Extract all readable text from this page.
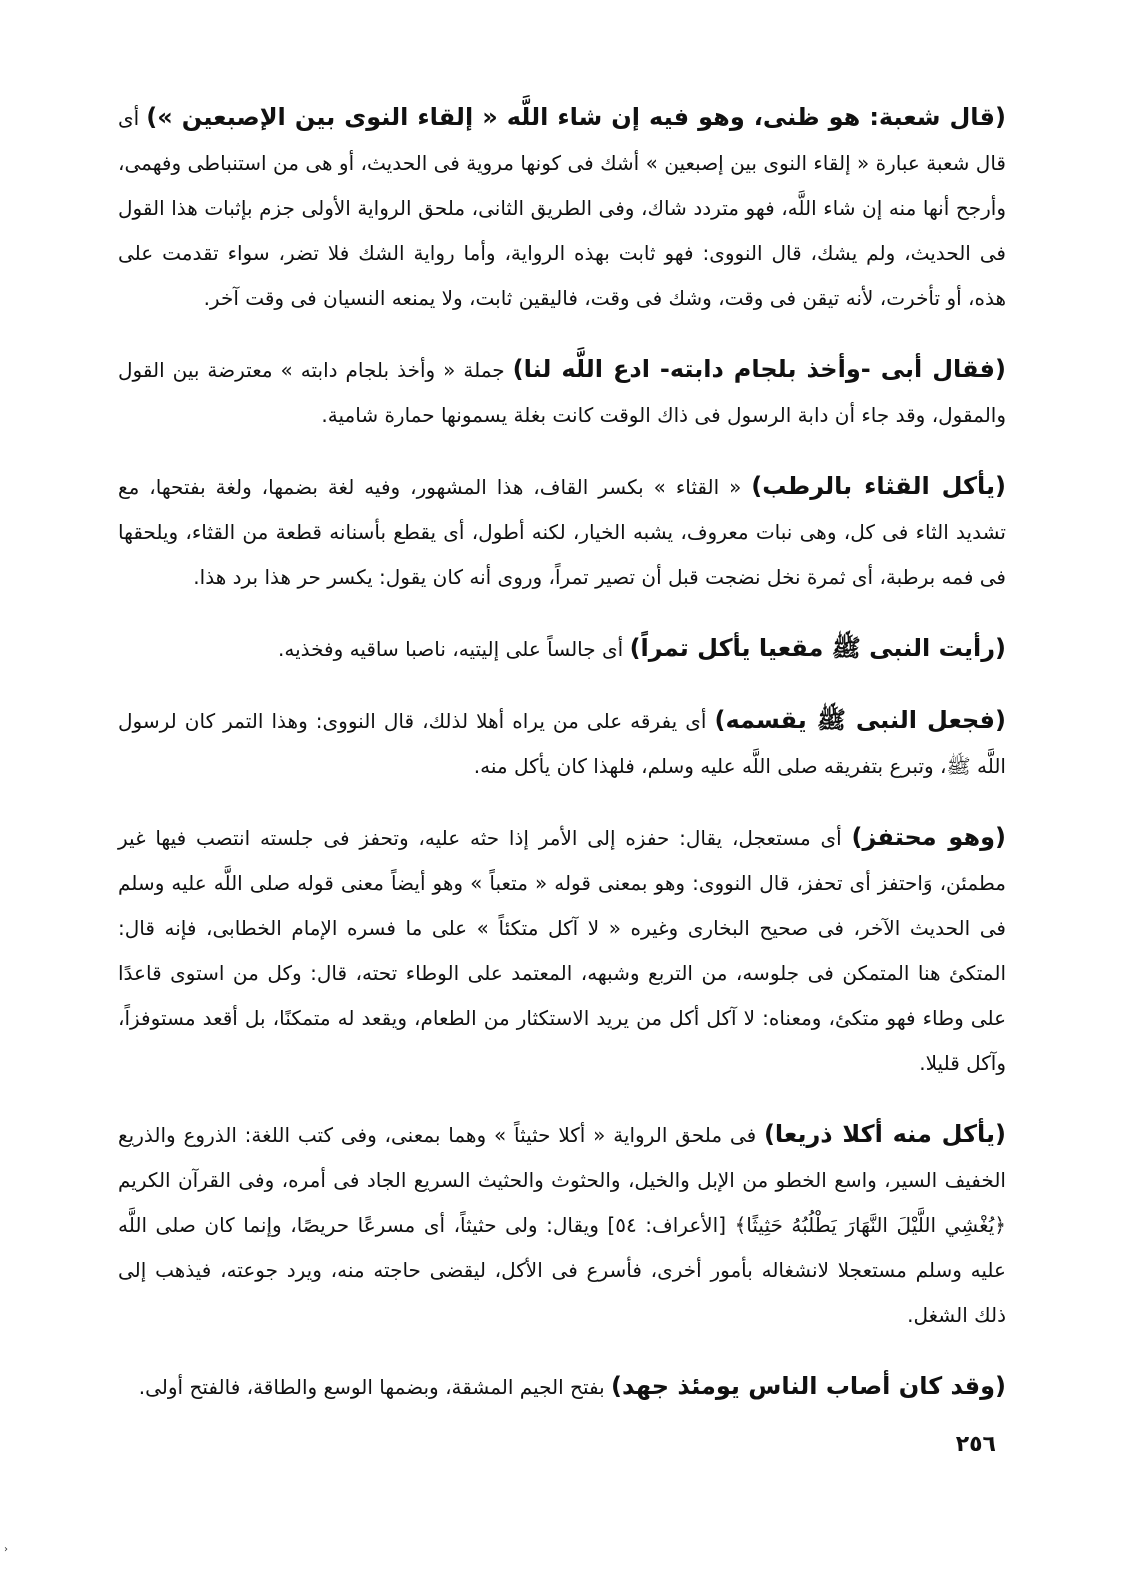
(قال شعبة: هو ظنى، وهو فيه إن شاء اللَّه « إلقاء النوى بين الإصبعين ») أى قال شعبة عبارة « إلقاء النوى بين إصبعين » أشك فى كونها مروية فى الحديث، أو هى من استنباطى وفهمى، وأرجح أنها منه إن شاء اللَّه، فهو متردد شاك، وفى الطريق الثانى، ملحق الرواية الأولى جزم بإثبات هذا القول فى الحديث، ولم يشك، قال النووى: فهو ثابت بهذه الرواية، وأما رواية الشك فلا تضر، سواء تقدمت على هذه، أو تأخرت، لأنه تيقن فى وقت، وشك فى وقت، فاليقين ثابت، ولا يمنعه النسيان فى وقت آخر.

(فقال أبى -وأخذ بلجام دابته- ادع اللَّه لنا) جملة « وأخذ بلجام دابته » معترضة بين القول والمقول، وقد جاء أن دابة الرسول فى ذاك الوقت كانت بغلة يسمونها حمارة شامية.

(يأكل القثاء بالرطب) « القثاء » بكسر القاف، هذا المشهور، وفيه لغة بضمها، ولغة بفتحها، مع تشديد الثاء فى كل، وهى نبات معروف، يشبه الخيار، لكنه أطول، أى يقطع بأسنانه قطعة من القثاء، ويلحقها فى فمه برطبة، أى ثمرة نخل نضجت قبل أن تصير تمراً، وروى أنه كان يقول: يكسر حر هذا برد هذا.

(رأيت النبى ﷺ مقعيا يأكل تمراً) أى جالساً على إليتيه، ناصبا ساقيه وفخذيه.

(فجعل النبى ﷺ يقسمه) أى يفرقه على من يراه أهلا لذلك، قال النووى: وهذا التمر كان لرسول اللَّه ﷺ، وتبرع بتفريقه صلى اللَّه عليه وسلم، فلهذا كان يأكل منه.

(وهو محتفز) أى مستعجل، يقال: حفزه إلى الأمر إذا حثه عليه، وتحفز فى جلسته انتصب فيها غير مطمئن، وَاحتفز أى تحفز، قال النووى: وهو بمعنى قوله « متعباً » وهو أيضاً معنى قوله صلى اللَّه عليه وسلم فى الحديث الآخر، فى صحيح البخارى وغيره « لا آكل متكئاً » على ما فسره الإمام الخطابى، فإنه قال: المتكئ هنا المتمكن فى جلوسه، من التربع وشبهه، المعتمد على الوطاء تحته، قال: وكل من استوى قاعدًا على وطاء فهو متكئ، ومعناه: لا آكل أكل من يريد الاستكثار من الطعام، ويقعد له متمكنًا، بل أقعد مستوفزاً، وآكل قليلا.

(يأكل منه أكلا ذريعا) فى ملحق الرواية « أكلا حثيثاً » وهما بمعنى، وفى كتب اللغة: الذروع والذريع الخفيف السير، واسع الخطو من الإبل والخيل، والحثوث والحثيث السريع الجاد فى أمره، وفى القرآن الكريم ﴿يُغْشِي اللَّيْلَ النَّهَارَ يَطْلُبُهُ حَثِيثًا﴾ [الأعراف: ٥٤] ويقال: ولى حثيثاً، أى مسرعًا حريصًا، وإنما كان صلى اللَّه عليه وسلم مستعجلا لانشغاله بأمور أخرى، فأسرع فى الأكل، ليقضى حاجته منه، ويرد جوعته، فيذهب إلى ذلك الشغل.

(وقد كان أصاب الناس يومئذ جهد) بفتح الجيم المشقة، وبضمها الوسع والطاقة، فالفتح أولى.

٢٥٦
‹
